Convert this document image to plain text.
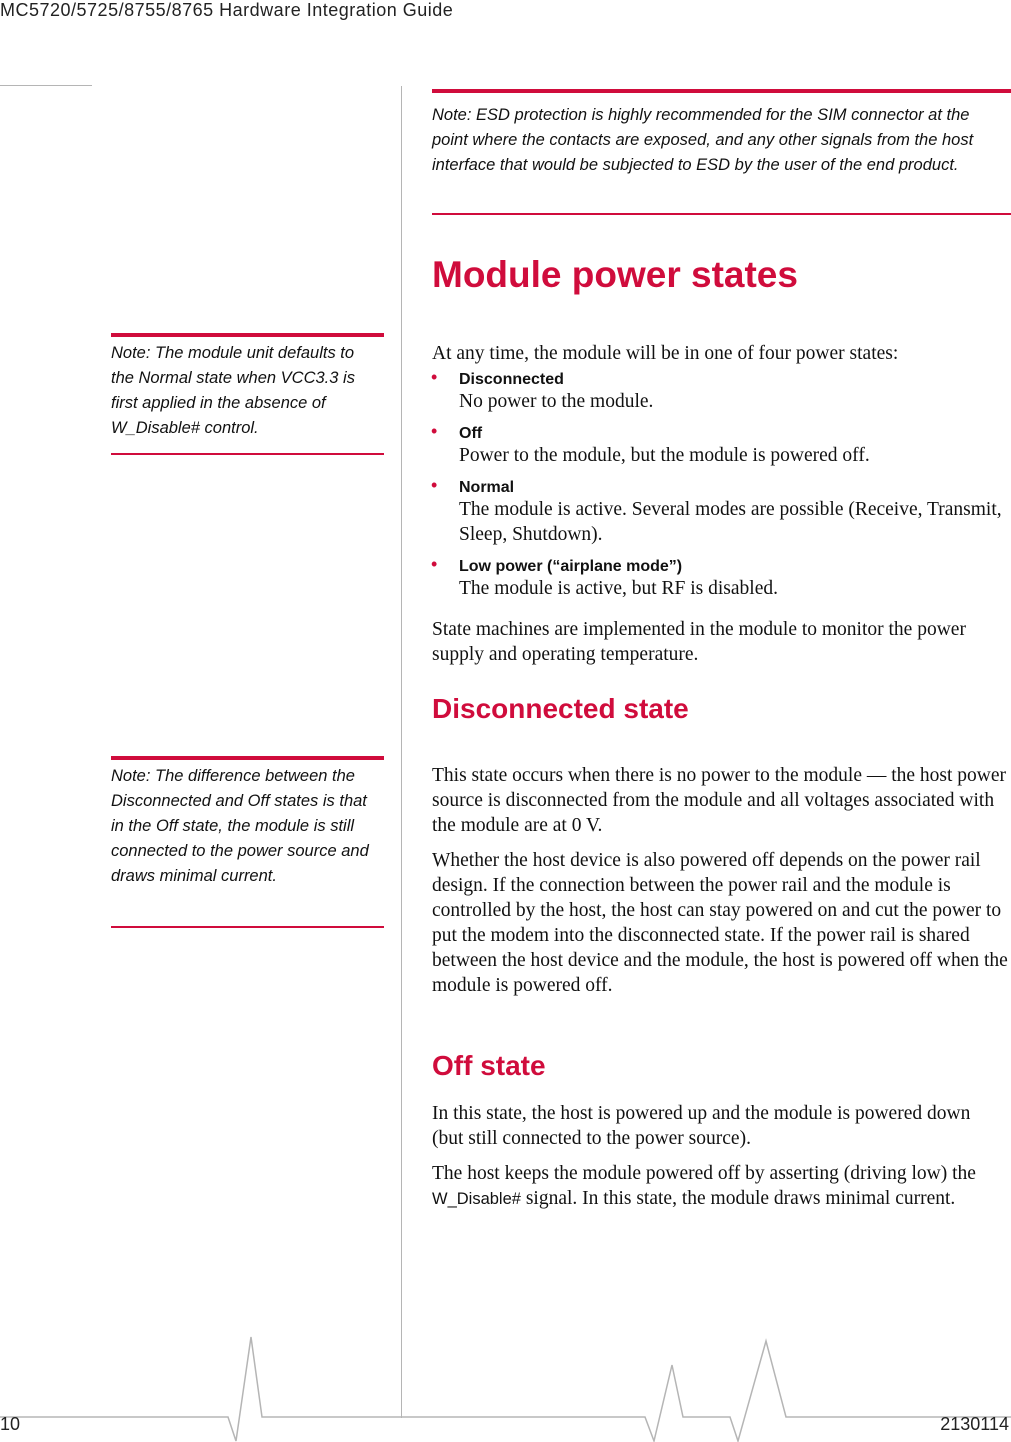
MC5720/5725/8755/8765 Hardware Integration Guide
Note: ESD protection is highly recommended for the SIM connector at the point where the contacts are exposed, and any other signals from the host interface that would be subjected to ESD by the user of the end product.
Module power states
Note: The module unit defaults to the Normal state when VCC3.3 is first applied in the absence of W_Disable# control.

At any time, the module will be in one of four power states:

• Disconnected
No power to the module.
• Off
Power to the module, but the module is powered off.
• Normal
The module is active. Several modes are possible (Receive, Transmit, Sleep, Shutdown).
• Low power (“airplane mode”)
The module is active, but RF is disabled.

State machines are implemented in the module to monitor the power supply and operating temperature.

Disconnected state
Note: The difference between the Disconnected and Off states is that in the Off state, the module is still connected to the power source and draws minimal current.

This state occurs when there is no power to the module — the host power source is disconnected from the module and all voltages associated with the module are at 0 V.

Whether the host device is also powered off depends on the power rail design. If the connection between the power rail and the module is controlled by the host, the host can stay powered on and cut the power to put the modem into the disconnected state. If the power rail is shared between the host device and the module, the host is powered off when the module is powered off.

Off state

In this state, the host is powered up and the module is powered down (but still connected to the power source).

The host keeps the module powered off by asserting (driving low) the W_Disable# signal. In this state, the module draws minimal current.

10	2130114
